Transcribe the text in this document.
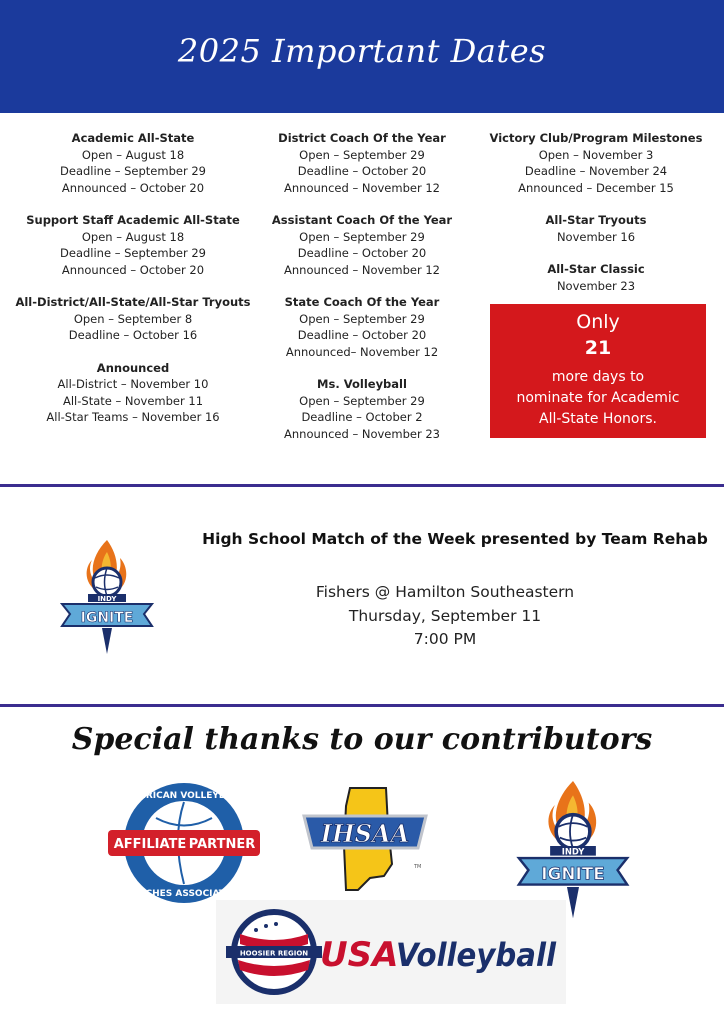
2025 Important Dates
Academic All-State
Open – August 18
Deadline – September 29
Announced – October 20
Support Staff Academic All-State
Open – August 18
Deadline – September 29
Announced – October 20
All-District/All-State/All-Star Tryouts
Open – September 8
Deadline – October 16
Announced
All-District – November 10
All-State – November 11
All-Star Teams – November 16
District Coach Of the Year
Open – September 29
Deadline – October 20
Announced – November 12
Assistant Coach Of the Year
Open – September 29
Deadline – October 20
Announced – November 12
State Coach Of the Year
Open – September 29
Deadline – October 20
Announced– November 12
Ms. Volleyball
Open – September 29
Deadline – October 2
Announced – November 23
Victory Club/Program Milestones
Open – November 3
Deadline – November 24
Announced – December 15
All-Star Tryouts
November 16
All-Star Classic
November 23
Only
21
more days to
nominate for Academic
All-State Honors.
INDY
IGNITE
High School Match of the Week presented by Team Rehab
Fishers @ Hamilton Southeastern
Thursday, September 11
7:00 PM
Special thanks to our contributors
AMERICAN VOLLEYBALL
COACHES ASSOCIATION
AFFILIATE PARTNER	IHSAA
TM
INDY
IGNITE
HOOSIER REGION USA
Volleyball
